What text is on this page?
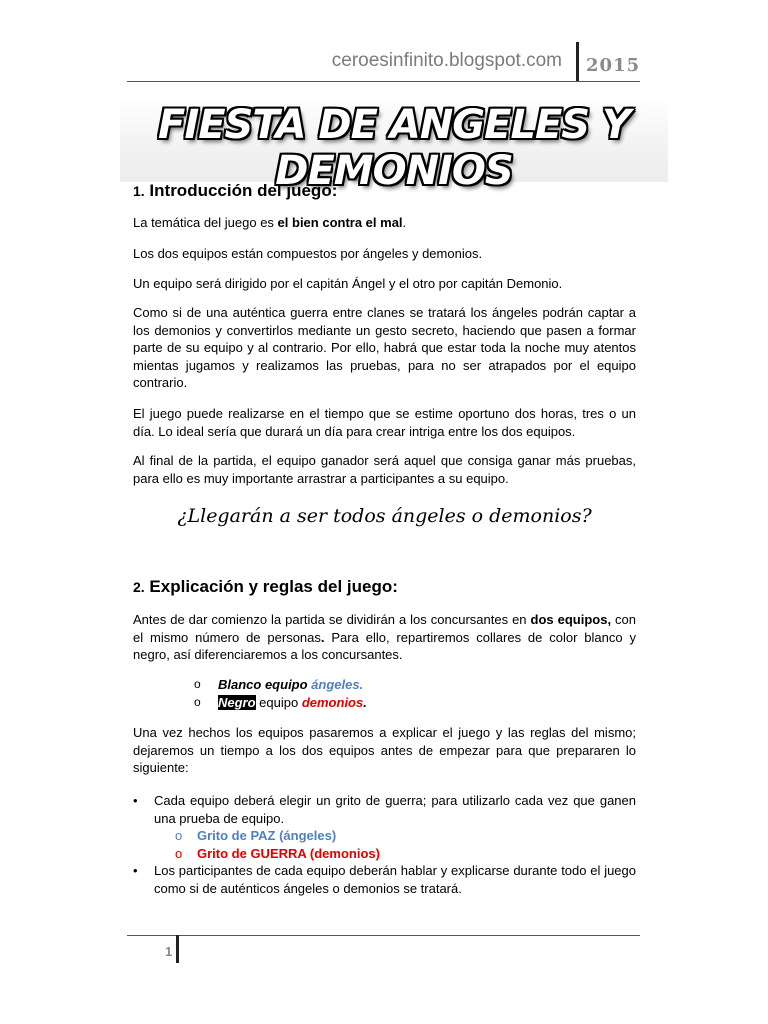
ceroesinfinito.blogspot.com 2015
FIESTA DE ANGELES Y DEMONIOS
1. Introducción del juego:
La temática del juego es el bien contra el mal.
Los dos equipos están compuestos por ángeles y demonios.
Un equipo será dirigido por el capitán Ángel y el otro por capitán Demonio.
Como si de una auténtica guerra entre clanes se tratará los ángeles podrán captar a los demonios y convertirlos mediante un gesto secreto, haciendo que pasen a formar parte de su equipo y al contrario. Por ello, habrá que estar toda la noche muy atentos mientas jugamos y realizamos las pruebas, para no ser atrapados por el equipo contrario.
El juego puede realizarse en el tiempo que se estime oportuno dos horas, tres o un día. Lo ideal sería que durará un día para crear intriga entre los dos equipos.
Al final de la partida, el equipo ganador será aquel que consiga ganar más pruebas, para ello es muy importante arrastrar a participantes a su equipo.
¿Llegarán a ser todos ángeles o demonios?
2. Explicación y reglas del juego:
Antes de dar comienzo la partida se dividirán a los concursantes en dos equipos, con el mismo número de personas. Para ello, repartiremos collares de color blanco y negro, así diferenciaremos a los concursantes.
o Blanco equipo ángeles.
o Negro equipo demonios.
Una vez hechos los equipos pasaremos a explicar el juego y las reglas del mismo; dejaremos un tiempo a los dos equipos antes de empezar para que prepararen lo siguiente:
• Cada equipo deberá elegir un grito de guerra; para utilizarlo cada vez que ganen una prueba de equipo.
o Grito de PAZ (ángeles)
o Grito de GUERRA (demonios)
• Los participantes de cada equipo deberán hablar y explicarse durante todo el juego como si de auténticos ángeles o demonios se tratará.
1
